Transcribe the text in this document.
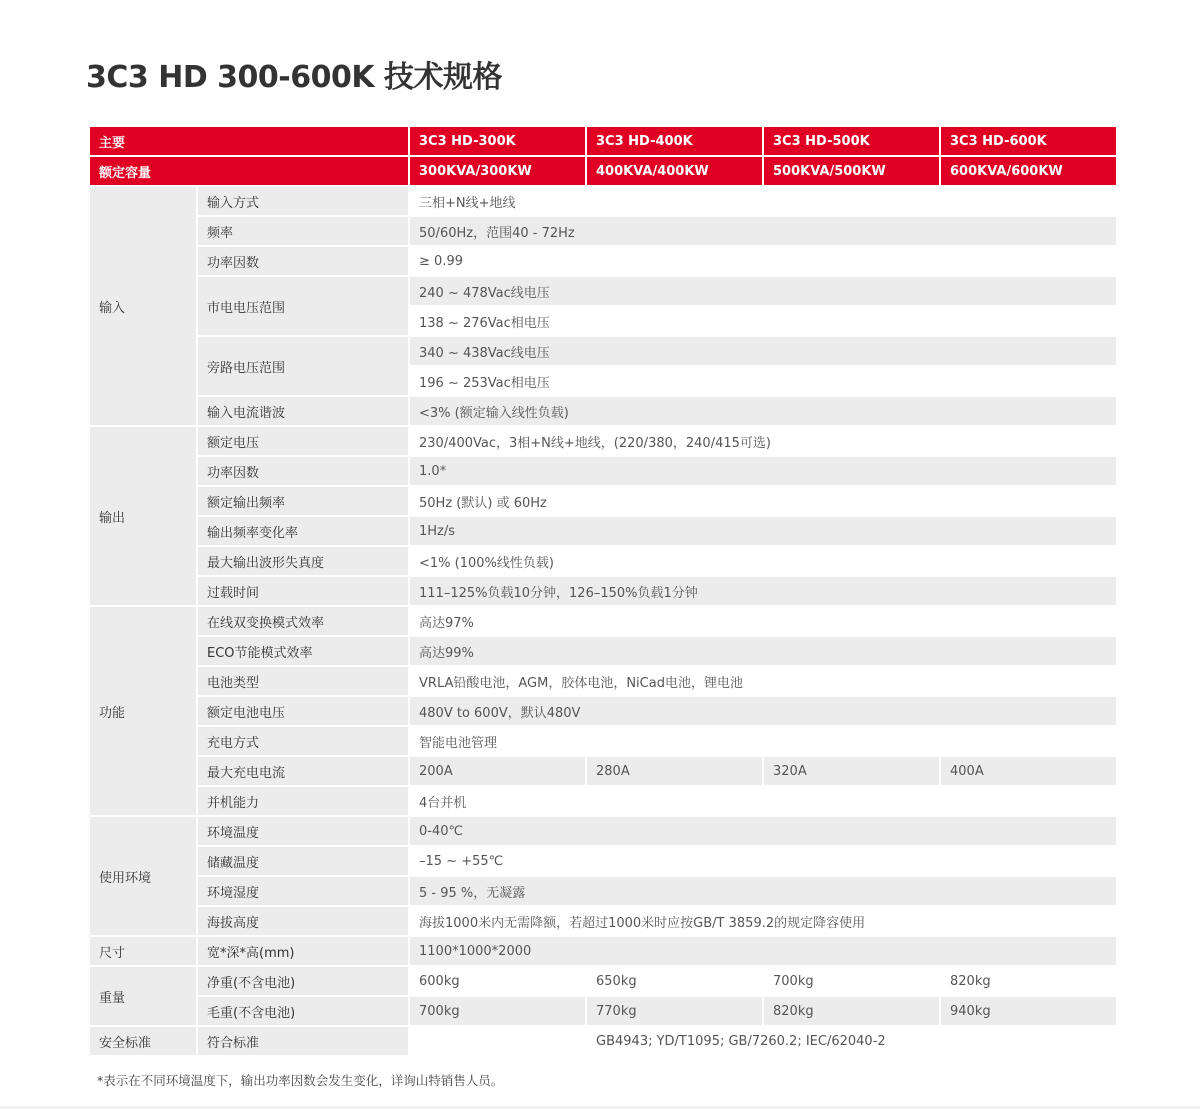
3C3 HD 300-600K 技术规格
主要		3C3 HD-300K	3C3 HD-400K	3C3 HD-500K	3C3 HD-600K
额定容量		300KVA/300KW	400KVA/400KW	500KVA/500KW	600KVA/600KW
输入	输入方式	三相+N线+地线			
	频率	50/60Hz，范围40 - 72Hz			
	功率因数	≥ 0.99			
	市电电压范围	240 ~ 478Vac线电压			
		138 ~ 276Vac相电压			
	旁路电压范围	340 ~ 438Vac线电压			
		196 ~ 253Vac相电压			
	输入电流谐波	<3% (额定输入线性负载)			
输出	额定电压	230/400Vac，3相+N线+地线，(220/380，240/415可选)			
	功率因数	1.0*			
	额定输出频率	50Hz (默认) 或 60Hz			
	输出频率变化率	1Hz/s			
	最大输出波形失真度	<1% (100%线性负载)			
	过载时间	111–125%负载10分钟，126–150%负载1分钟			
功能	在线双变换模式效率	高达97%			
	ECO节能模式效率	高达99%			
	电池类型	VRLA铅酸电池，AGM，胶体电池，NiCad电池，锂电池			
	额定电池电压	480V to 600V，默认480V			
	充电方式	智能电池管理			
	最大充电电流	200A	280A	320A	400A
	并机能力	4台并机			
使用环境	环境温度	0-40℃			
	储藏温度	–15 ~ +55℃			
	环境湿度	5 - 95 %，无凝露			
	海拔高度	海拔1000米内无需降额，若超过1000米时应按GB/T 3859.2的规定降容使用			
尺寸	宽*深*高(mm)	1100*1000*2000			
重量	净重(不含电池)	600kg	650kg	700kg	820kg
	毛重(不含电池)	700kg	770kg	820kg	940kg
安全标准	符合标准		GB4943; YD/T1095; GB/7260.2; IEC/62040-2		
*表示在不同环境温度下，输出功率因数会发生变化，详询山特销售人员。
